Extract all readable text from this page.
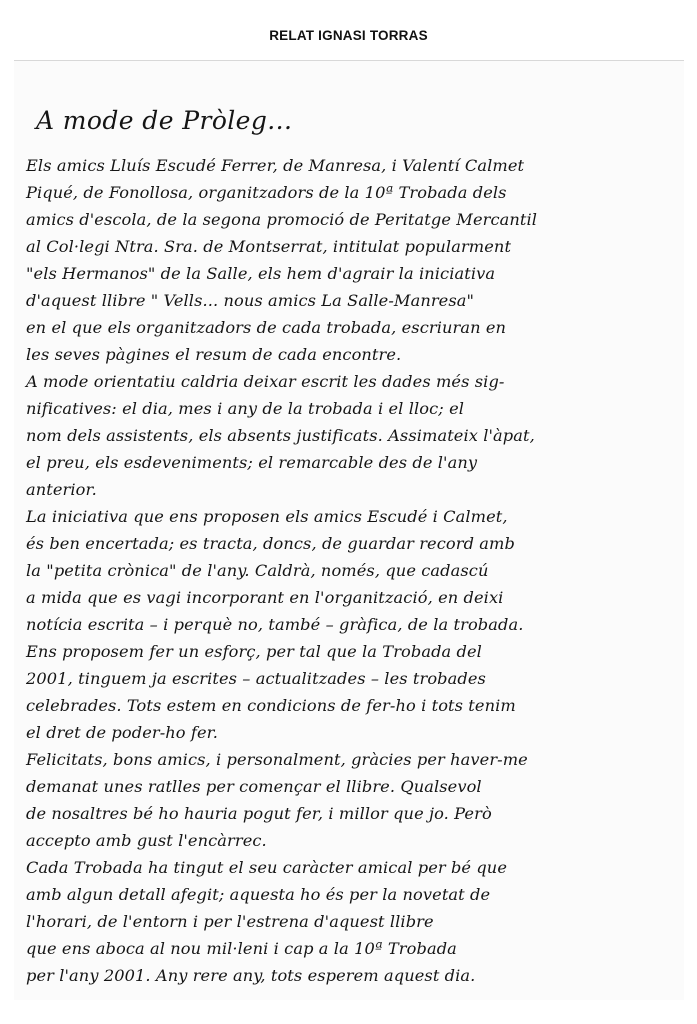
RELAT IGNASI TORRAS
A mode de Pròleg...
Els amics Lluís Escudé Ferrer, de Manresa, i Valentí Calmet
Piqué, de Fonollosa, organitzadors de la 10ª Trobada dels
amics d'escola, de la segona promoció de Peritatge Mercantil
al Col·legi Ntra. Sra. de Montserrat, intitulat popularment
"els Hermanos" de la Salle, els hem d'agrair la iniciativa
d'aquest llibre " Vells... nous amics La Salle-Manresa"
en el que els organitzadors de cada trobada, escriuran en
les seves pàgines el resum de cada encontre.
A mode orientatiu caldria deixar escrit les dades més sig-
nificatives: el dia, mes i any de la trobada i el lloc; el
nom dels assistents, els absents justificats. Assimateix l'àpat,
el preu, els esdeveniments; el remarcable des de l'any
anterior.
La iniciativa que ens proposen els amics Escudé i Calmet,
és ben encertada; es tracta, doncs, de guardar record amb
la "petita crònica" de l'any. Caldrà, només, que cadascú
a mida que es vagi incorporant en l'organització, en deixi
notícia escrita – i perquè no, també – gràfica, de la trobada.
Ens proposem fer un esforç, per tal que la Trobada del
2001, tinguem ja escrites – actualitzades – les trobades
celebrades. Tots estem en condicions de fer-ho i tots tenim
el dret de poder-ho fer.
Felicitats, bons amics, i personalment, gràcies per haver-me
demanat unes ratlles per començar el llibre. Qualsevol
de nosaltres bé ho hauria pogut fer, i millor que jo. Però
accepto amb gust l'encàrrec.
Cada Trobada ha tingut el seu caràcter amical per bé que
amb algun detall afegit; aquesta ho és per la novetat de
l'horari, de l'entorn i per l'estrena d'aquest llibre
que ens aboca al nou mil·leni i cap a la 10ª Trobada
per l'any 2001. Any rere any, tots esperem aquest dia.
